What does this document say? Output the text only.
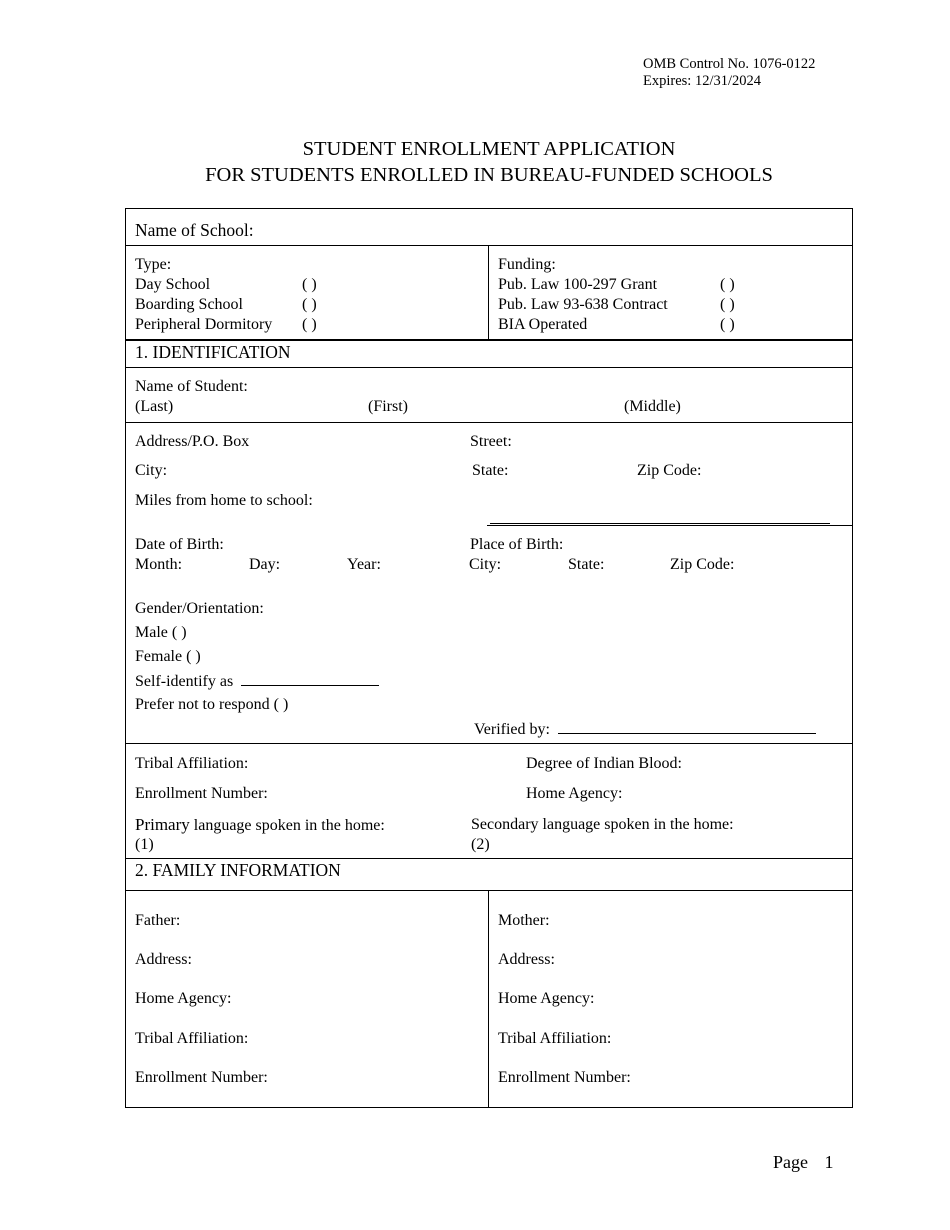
OMB Control No. 1076-0122
Expires: 12/31/2024
STUDENT ENROLLMENT APPLICATION
FOR STUDENTS ENROLLED IN BUREAU-FUNDED SCHOOLS
Name of School:
Type:
Day School	( )
Boarding School	( )
Peripheral Dormitory ( )
Funding:
Pub. Law 100-297 Grant	( )
Pub. Law 93-638 Contract	( )
BIA Operated	( )
1. IDENTIFICATION
Name of Student:
(Last)	(First)	(Middle)
Address/P.O. Box	Street:
City:	State:	Zip Code:
Miles from home to school:
Date of Birth:
Month:	Day:	Year:
Place of Birth:
City:	State:	Zip Code:
Gender/Orientation:
Male ( )
Female ( )
Self-identify as
Prefer not to respond ( )
Verified by:
Tribal Affiliation:	Degree of Indian Blood:
Enrollment Number:	Home Agency:
Primary language spoken in the home:
(1)
Secondary language spoken in the home:
(2)
2. FAMILY INFORMATION
Father:
Address:
Home Agency:
Tribal Affiliation:
Enrollment Number:
Mother:
Address:
Home Agency:
Tribal Affiliation:
Enrollment Number:
Page 1
